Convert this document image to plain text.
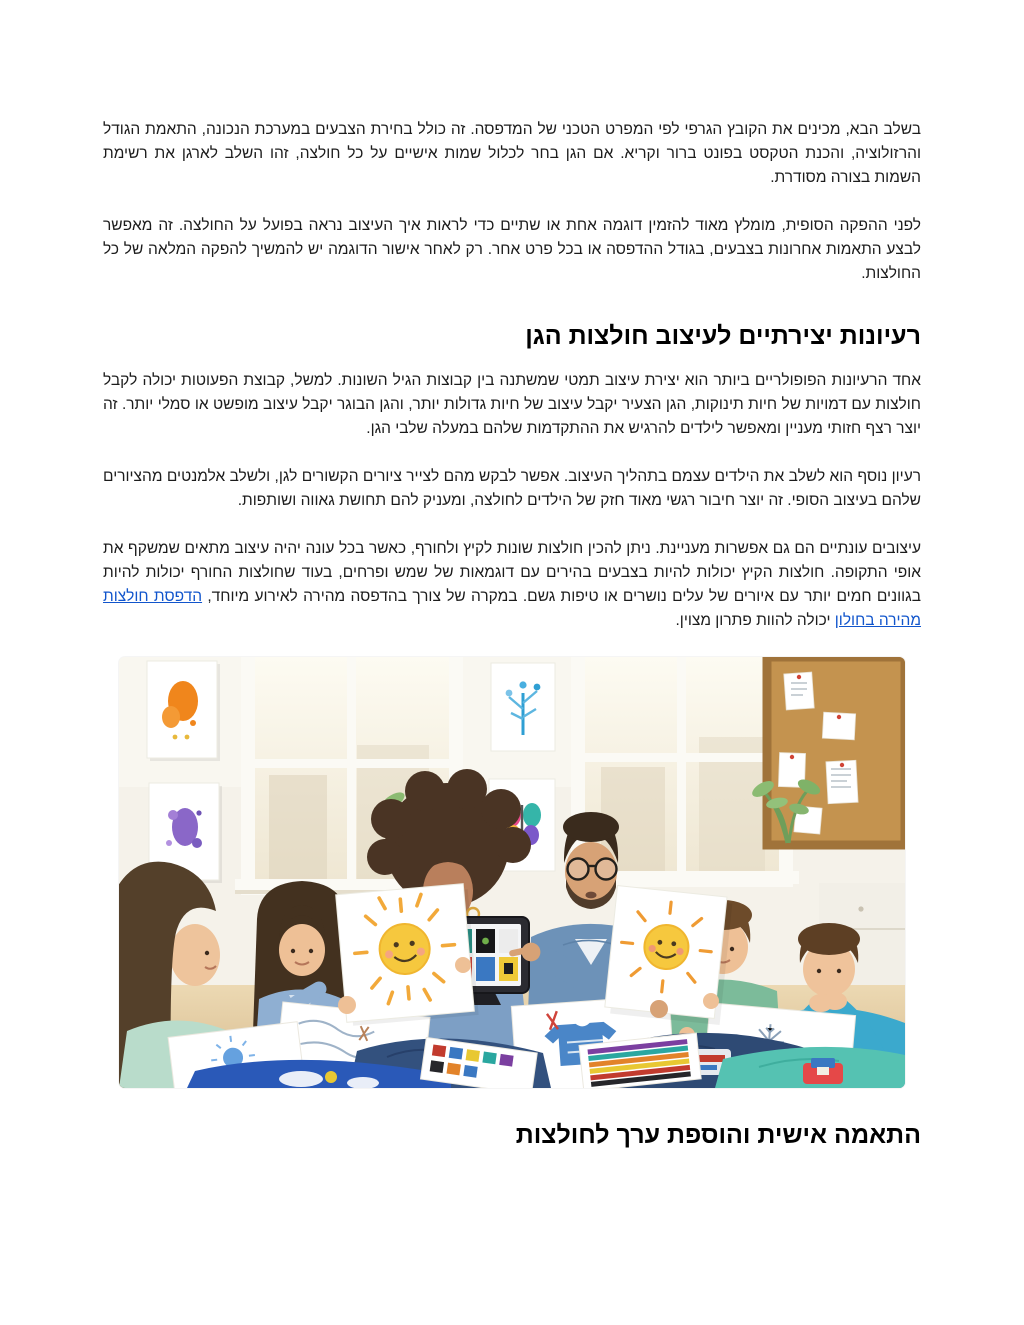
בשלב הבא, מכינים את הקובץ הגרפי לפי המפרט הטכני של המדפסה. זה כולל בחירת הצבעים במערכת הנכונה, התאמת הגודל והרזולוציה, והכנת הטקסט בפונט ברור וקריא. אם הגן בחר לכלול שמות אישיים על כל חולצה, זהו השלב לארגן את רשימת השמות בצורה מסודרת.

לפני ההפקה הסופית, מומלץ מאוד להזמין דוגמה אחת או שתיים כדי לראות איך העיצוב נראה בפועל על החולצה. זה מאפשר לבצע התאמות אחרונות בצבעים, בגודל ההדפסה או בכל פרט אחר. רק לאחר אישור הדוגמה יש להמשיך להפקה המלאה של כל החולצות.

רעיונות יצירתיים לעיצוב חולצות הגן

אחד הרעיונות הפופולריים ביותר הוא יצירת עיצוב תמטי שמשתנה בין קבוצות הגיל השונות. למשל, קבוצת הפעוטות יכולה לקבל חולצות עם דמויות של חיות תינוקות, הגן הצעיר יקבל עיצוב של חיות גדולות יותר, והגן הבוגר יקבל עיצוב מופשט או סמלי יותר. זה יוצר רצף חזותי מעניין ומאפשר לילדים להרגיש את ההתקדמות שלהם במעלה שלבי הגן.

רעיון נוסף הוא לשלב את הילדים עצמם בתהליך העיצוב. אפשר לבקש מהם לצייר ציורים הקשורים לגן, ולשלב אלמנטים מהציורים שלהם בעיצוב הסופי. זה יוצר חיבור רגשי מאוד חזק של הילדים לחולצה, ומעניק להם תחושת גאווה ושותפות.

עיצובים עונתיים הם גם אפשרות מעניינת. ניתן להכין חולצות שונות לקיץ ולחורף, כאשר בכל עונה יהיה עיצוב מתאים שמשקף את אופי התקופה. חולצות הקיץ יכולות להיות בצבעים בהירים עם דוגמאות של שמש ופרחים, בעוד שחולצות החורף יכולות להיות בגוונים חמים יותר עם איורים של עלים נושרים או טיפות גשם. במקרה של צורך בהדפסה מהירה לאירוע מיוחד, הדפסת חולצות מהירה בחולון יכולה להוות פתרון מצוין.

התאמה אישית והוספת ערך לחולצות
